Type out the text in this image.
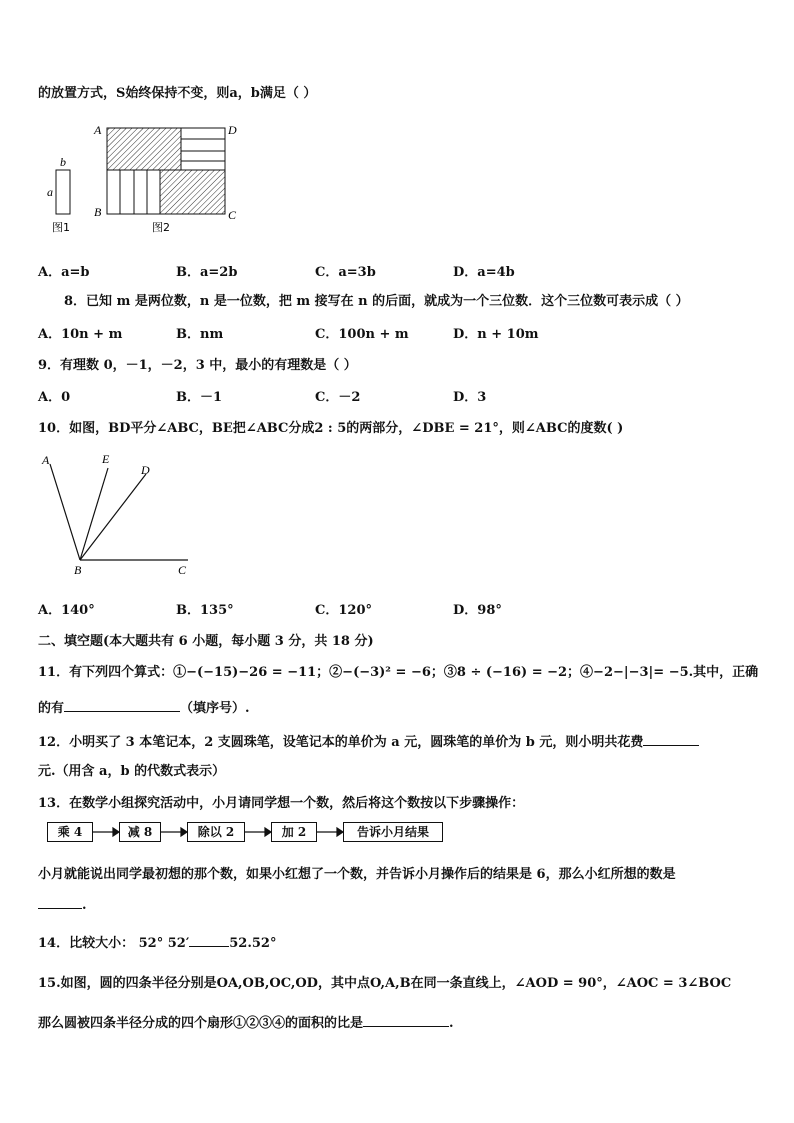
的放置方式，S始终保持不变，则a，b满足（ ）
b
a
A	D
B	C
图1	图2
A．a=b	B．a=2b	C．a=3b	D．a=4b
8．已知 m 是两位数，n 是一位数，把 m 接写在 n 的后面，就成为一个三位数．这个三位数可表示成（ ）
A．10n + m	B．nm	C．100n + m	D．n + 10m
9．有理数 0，－1，－2，3 中，最小的有理数是（ ）
A．0	B．－1	C．－2	D．3
10．如图，BD平分∠ABC，BE把∠ABC分成2 : 5的两部分，∠DBE = 21°，则∠ABC的度数( )
A	E
D
B	C
A．140°	B．135°	C．120°	D．98°
二、填空题(本大题共有 6 小题，每小题 3 分，共 18 分)
11．有下列四个算式：①−(−15)−26 = −11；②−(−3)² = −6；③8 ÷ (−16) = −2；④−2−|−3|= −5.其中，正确
的有	（填序号）.
12．小明买了 3 本笔记本，2 支圆珠笔，设笔记本的单价为 a 元，圆珠笔的单价为 b 元，则小明共花费
元.（用含 a，b 的代数式表示）
13．在数学小组探究活动中，小月请同学想一个数，然后将这个数按以下步骤操作：
乘 4	减 8	除以 2	加 2	告诉小月结果
小月就能说出同学最初想的那个数，如果小红想了一个数，并告诉小月操作后的结果是 6，那么小红所想的数是
.
14．比较大小： 52° 52′	52.52°
15.如图，圆的四条半径分别是OA,OB,OC,OD，其中点O,A,B在同一条直线上，∠AOD = 90°，∠AOC = 3∠BOC
那么圆被四条半径分成的四个扇形①②③④的面积的比是	.
